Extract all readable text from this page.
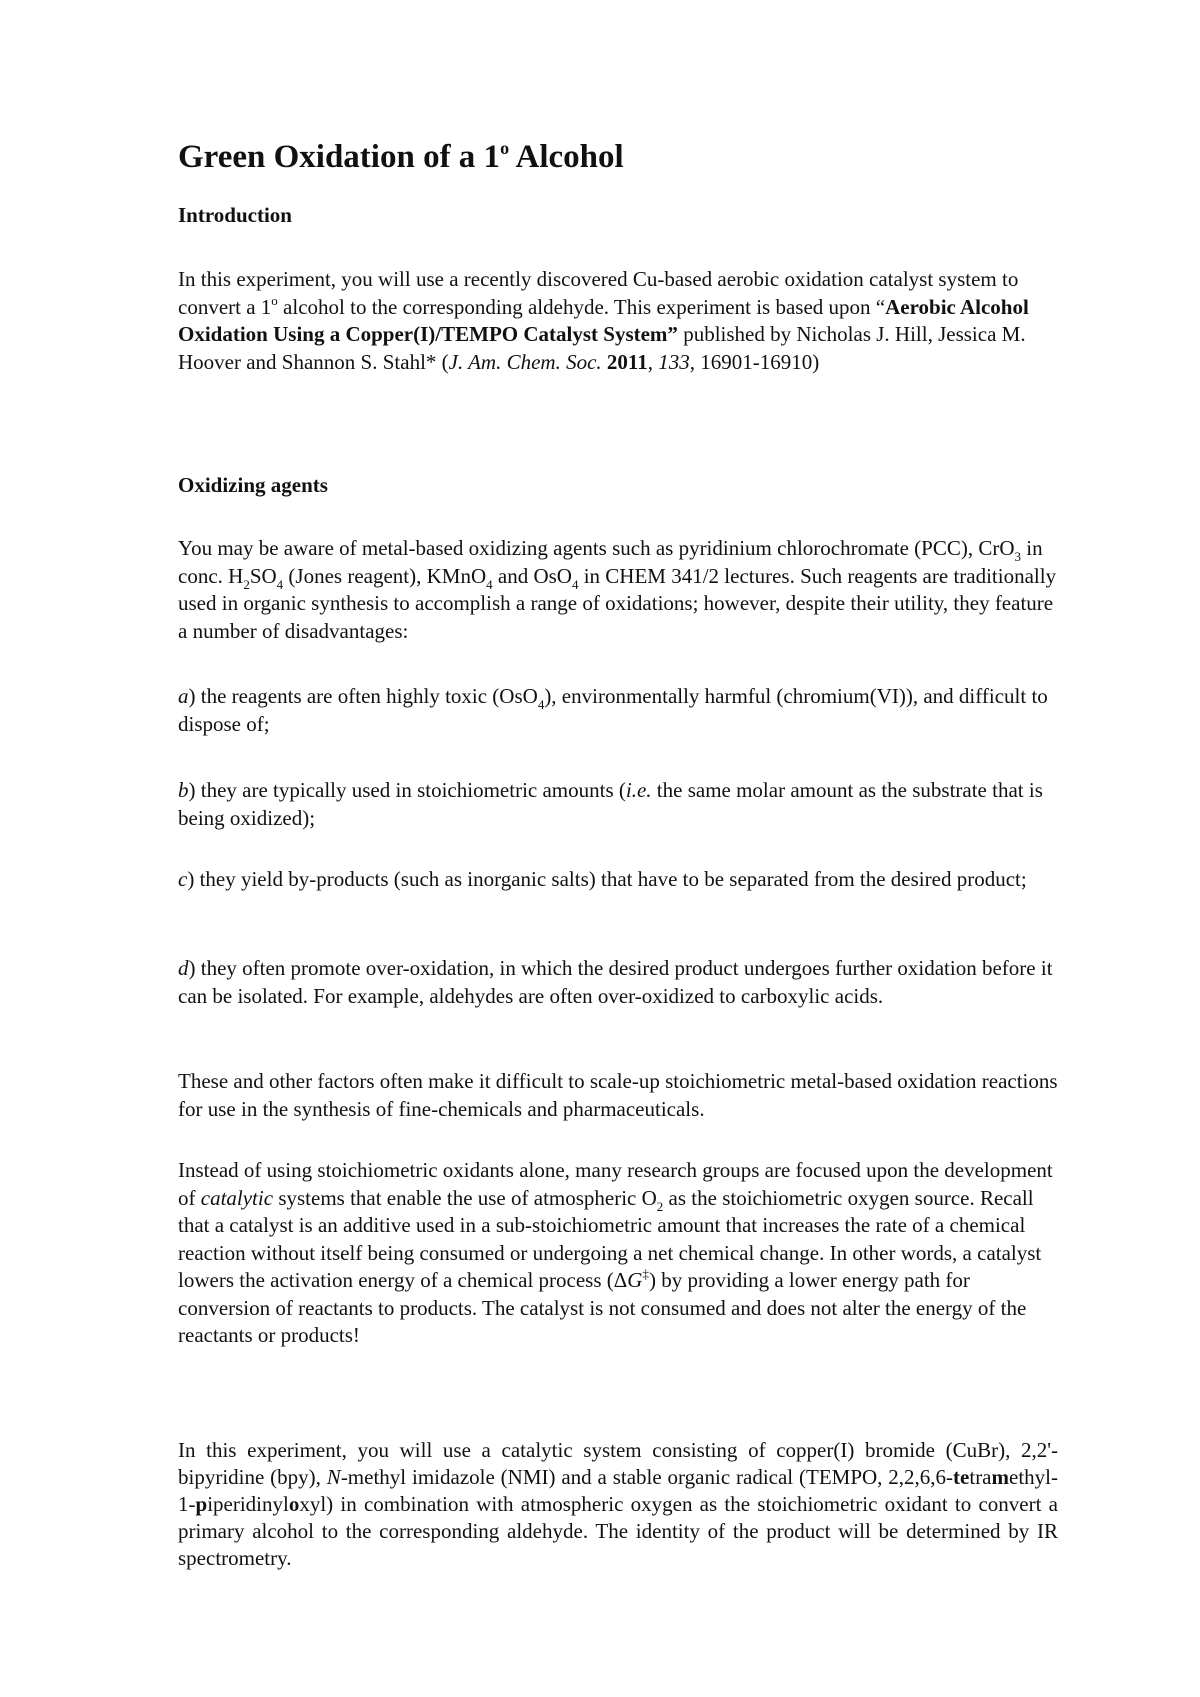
Green Oxidation of a 1$^o$ Alcohol
Introduction

In this experiment, you will use a recently discovered Cu-based aerobic oxidation catalyst system to convert a 1$^o$ alcohol to the corresponding aldehyde. This experiment is based upon “Aerobic Alcohol Oxidation Using a Copper(I)/TEMPO Catalyst System” published by Nicholas J. Hill, Jessica M. Hoover and Shannon S. Stahl* (J. Am. Chem. Soc. 2011, 133, 16901-16910)

Oxidizing agents

You may be aware of metal-based oxidizing agents such as pyridinium chlorochromate (PCC), CrO$_3$ in conc. $H_2SO_4$ (Jones reagent), KMnO$_4$ and OsO$_4$ in CHEM 341/2 lectures. Such reagents are traditionally used in organic synthesis to accomplish a range of oxidations; however, despite their utility, they feature a number of disadvantages:

a) the reagents are often highly toxic (OsO$_4$), environmentally harmful (chromium(VI)), and difficult to dispose of;

b) they are typically used in stoichiometric amounts (i.e. the same molar amount as the substrate that is being oxidized);

c) they yield by-products (such as inorganic salts) that have to be separated from the desired product;

d) they often promote over-oxidation, in which the desired product undergoes further oxidation before it can be isolated. For example, aldehydes are often over-oxidized to carboxylic acids.

These and other factors often make it difficult to scale-up stoichiometric metal-based oxidation reactions for use in the synthesis of fine-chemicals and pharmaceuticals.

Instead of using stoichiometric oxidants alone, many research groups are focused upon the development of catalytic systems that enable the use of atmospheric $O_2$ as the stoichiometric oxygen source. Recall that a catalyst is an additive used in a sub-stoichiometric amount that increases the rate of a chemical reaction without itself being consumed or undergoing a net chemical change. In other words, a catalyst lowers the activation energy of a chemical process (ΔG‡) by providing a lower energy path for conversion of reactants to products. The catalyst is not consumed and does not alter the energy of the reactants or products!

In this experiment, you will use a catalytic system consisting of copper(I) bromide (CuBr), 2,2'-bipyridine (bpy), N-methyl imidazole (NMI) and a stable organic radical (TEMPO, 2,2,6,6-tetramethyl-1-piperidinyloxyl) in combination with atmospheric oxygen as the stoichiometric oxidant to convert a primary alcohol to the corresponding aldehyde. The identity of the product will be determined by IR spectrometry.
